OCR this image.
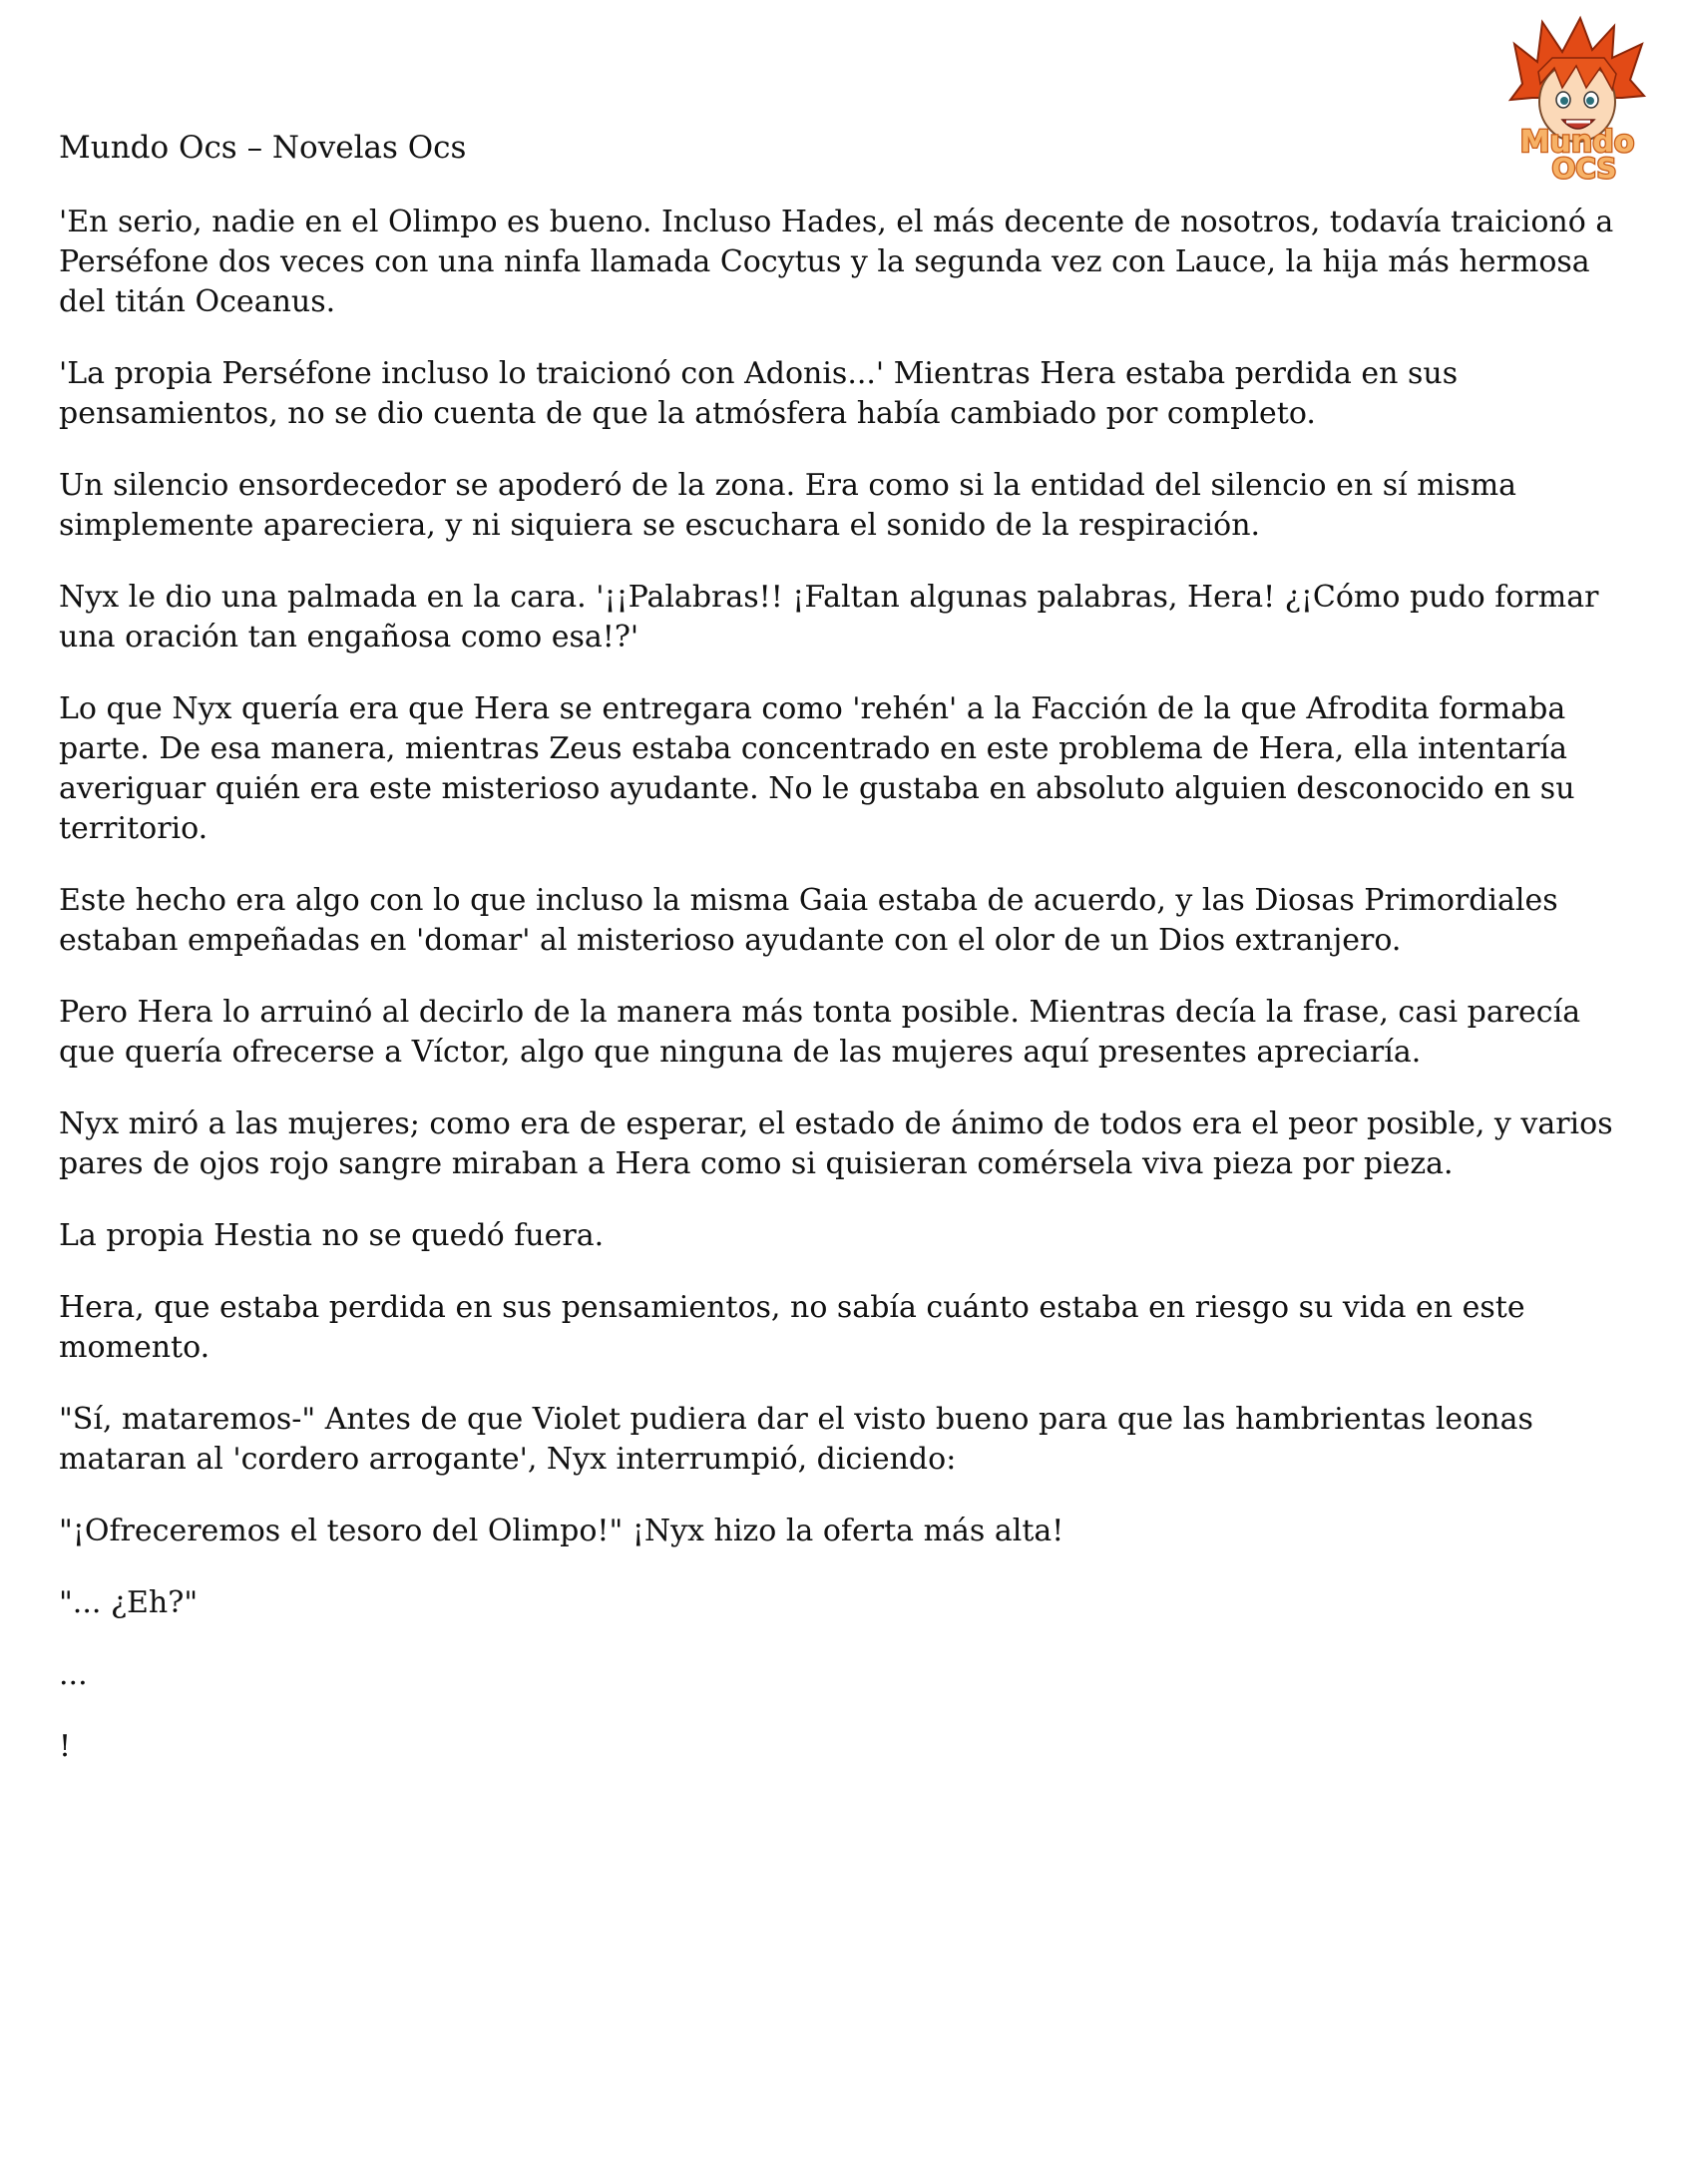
Mundo
OCS
Mundo Ocs – Novelas Ocs

'En serio, nadie en el Olimpo es bueno. Incluso Hades, el más decente de nosotros, todavía traicionó a Perséfone dos veces con una ninfa llamada Cocytus y la segunda vez con Lauce, la hija más hermosa del titán Oceanus.

'La propia Perséfone incluso lo traicionó con Adonis...' Mientras Hera estaba perdida en sus pensamientos, no se dio cuenta de que la atmósfera había cambiado por completo.

Un silencio ensordecedor se apoderó de la zona. Era como si la entidad del silencio en sí misma simplemente apareciera, y ni siquiera se escuchara el sonido de la respiración.

Nyx le dio una palmada en la cara. '¡¡Palabras!! ¡Faltan algunas palabras, Hera! ¿¡Cómo pudo formar una oración tan engañosa como esa!?'

Lo que Nyx quería era que Hera se entregara como 'rehén' a la Facción de la que Afrodita formaba parte. De esa manera, mientras Zeus estaba concentrado en este problema de Hera, ella intentaría averiguar quién era este misterioso ayudante. No le gustaba en absoluto alguien desconocido en su territorio.

Este hecho era algo con lo que incluso la misma Gaia estaba de acuerdo, y las Diosas Primordiales estaban empeñadas en 'domar' al misterioso ayudante con el olor de un Dios extranjero.

Pero Hera lo arruinó al decirlo de la manera más tonta posible. Mientras decía la frase, casi parecía que quería ofrecerse a Víctor, algo que ninguna de las mujeres aquí presentes apreciaría.

Nyx miró a las mujeres; como era de esperar, el estado de ánimo de todos era el peor posible, y varios pares de ojos rojo sangre miraban a Hera como si quisieran comérsela viva pieza por pieza.

La propia Hestia no se quedó fuera.

Hera, que estaba perdida en sus pensamientos, no sabía cuánto estaba en riesgo su vida en este momento.

"Sí, mataremos-" Antes de que Violet pudiera dar el visto bueno para que las hambrientas leonas mataran al 'cordero arrogante', Nyx interrumpió, diciendo:

"¡Ofreceremos el tesoro del Olimpo!" ¡Nyx hizo la oferta más alta!

"... ¿Eh?"

...

!
